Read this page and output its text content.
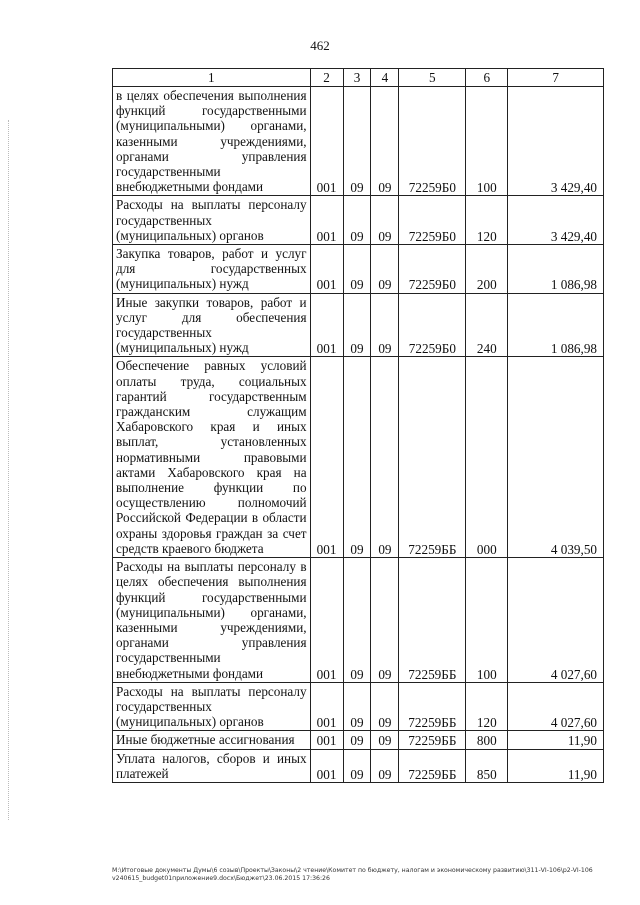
462
1	2	3	4	5	6	7
в целях обеспечения выполнения функций государственными (муниципальными) органами, казенными учреждениями, органами управления государственными внебюджетными фондами	001	09	09	72259Б0	100	3 429,40
Расходы на выплаты персоналу государственных (муниципальных) органов	001	09	09	72259Б0	120	3 429,40
Закупка товаров, работ и услуг для государственных (муниципальных) нужд	001	09	09	72259Б0	200	1 086,98
Иные закупки товаров, работ и услуг для обеспечения государственных (муниципальных) нужд	001	09	09	72259Б0	240	1 086,98
Обеспечение равных условий оплаты труда, социальных гарантий государственным гражданским служащим Хабаровского края и иных выплат, установленных нормативными правовыми актами Хабаровского края на выполнение функции по осуществлению полномочий Российской Федерации в области охраны здоровья граждан за счет средств краевого бюджета	001	09	09	72259ББ	000	4 039,50
Расходы на выплаты персоналу в целях обеспечения выполнения функций государственными (муниципальными) органами, казенными учреждениями, органами управления государственными внебюджетными фондами	001	09	09	72259ББ	100	4 027,60
Расходы на выплаты персоналу государственных (муниципальных) органов	001	09	09	72259ББ	120	4 027,60
Иные бюджетные ассигнования	001	09	09	72259ББ	800	11,90
Уплата налогов, сборов и иных платежей	001	09	09	72259ББ	850	11,90
М:\Итоговые документы Думы\6 созыв\Проекты\Законы\2 чтение\Комитет по бюджету, налогам и экономическому развитию\311-VI-106\p2-VI-106 v240615_budget01приложение9.docx\Бюджет\23.06.2015 17:36:26
